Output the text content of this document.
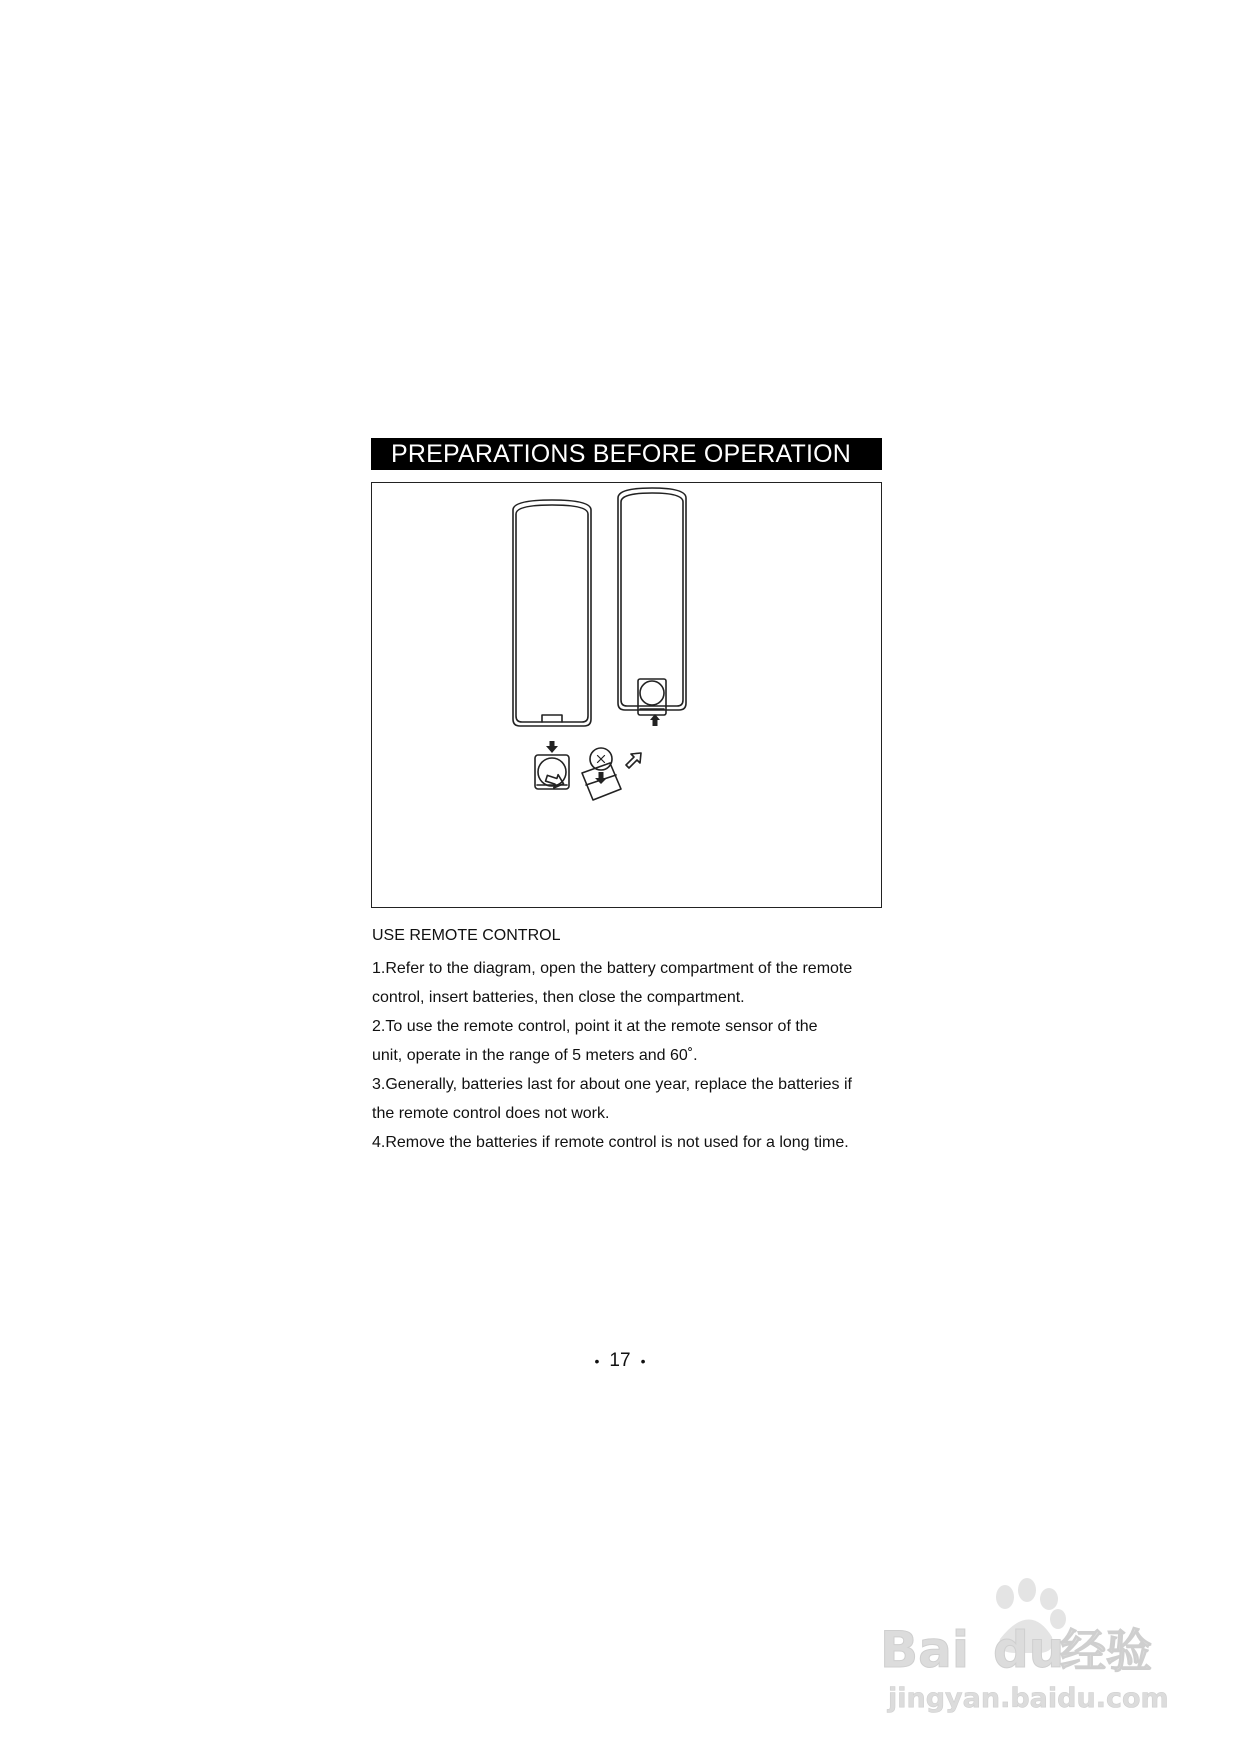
PREPARATIONS BEFORE OPERATION
USE REMOTE CONTROL
1.Refer to the diagram, open the battery compartment of the remote
control, insert batteries, then close the compartment.
2.To use the remote control, point it at the remote sensor of the
unit, operate in the range of 5 meters and 60˚.
3.Generally, batteries last for about one year, replace the batteries if
the remote control does not work.
4.Remove the batteries if remote control is not used for a long time.
• 17 •
Bai du
经验
jingyan.baidu.com
